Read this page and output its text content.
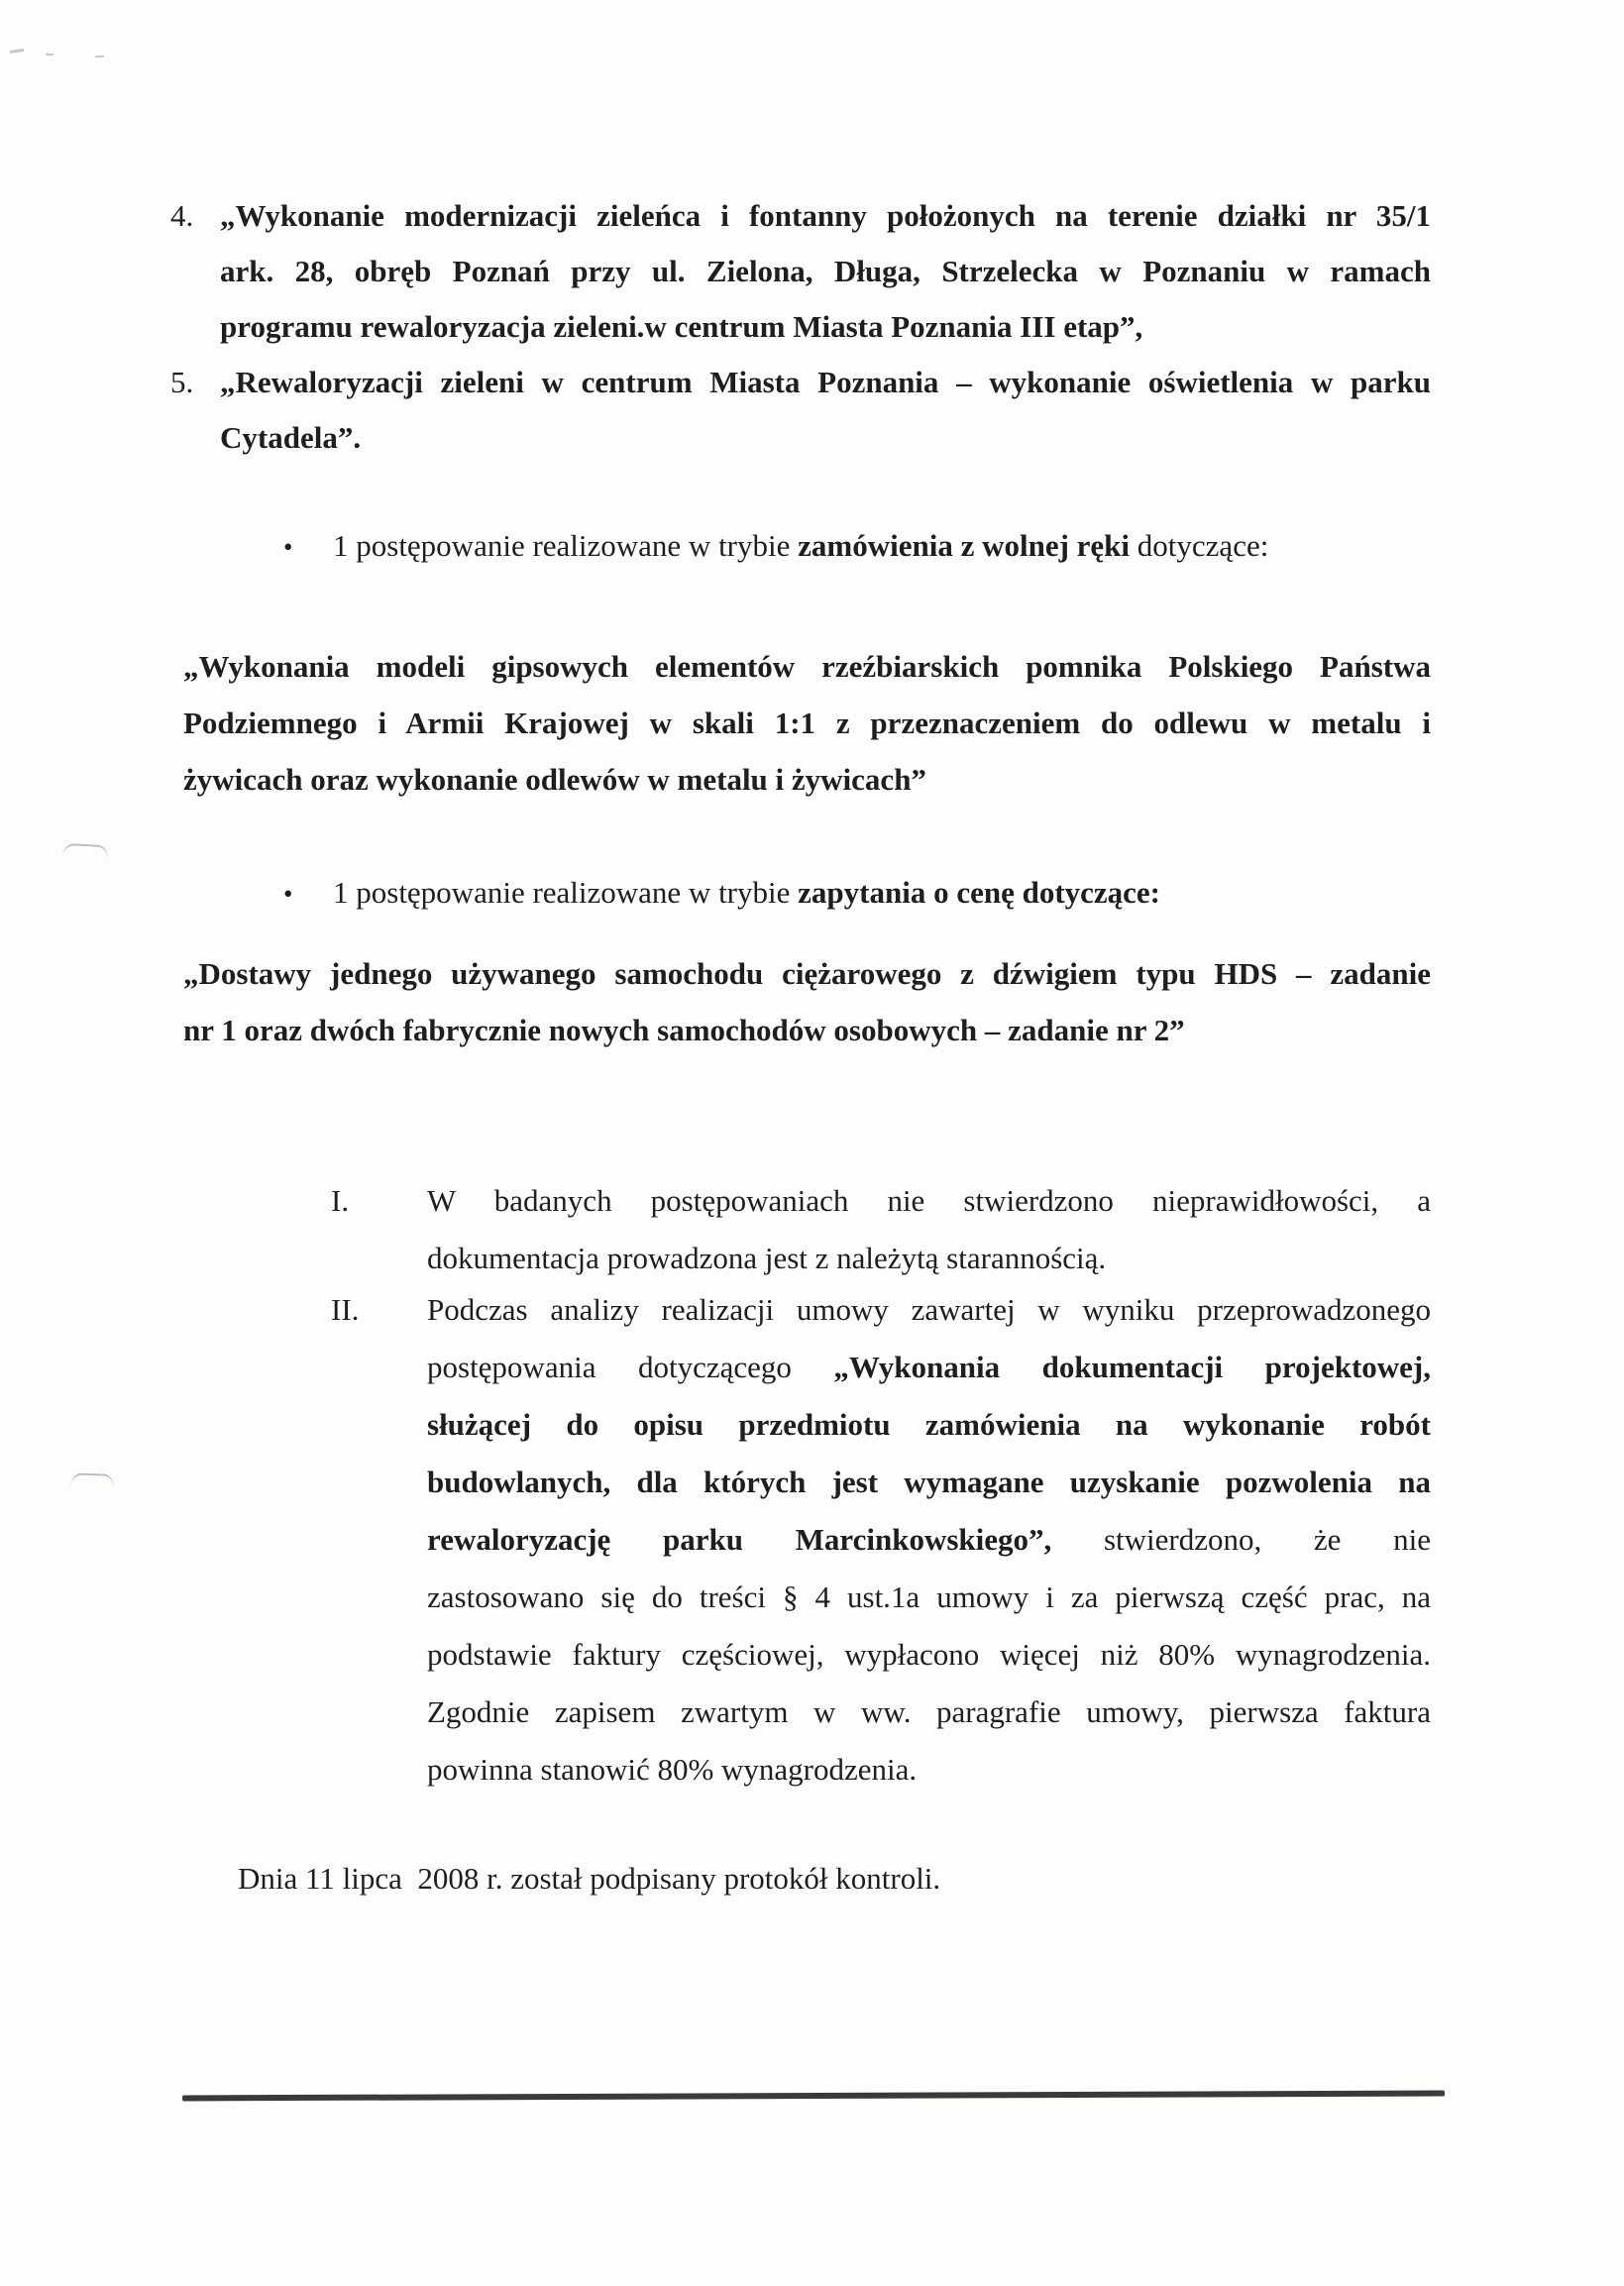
4. „Wykonanie modernizacji zieleńca i fontanny położonych na terenie działki nr 35/1
ark. 28, obręb Poznań przy ul. Zielona, Długa, Strzelecka w Poznaniu w ramach
programu rewaloryzacja zieleni.w centrum Miasta Poznania III etap”,
5. „Rewaloryzacji zieleni w centrum Miasta Poznania – wykonanie oświetlenia w parku
Cytadela”.
• 1 postępowanie realizowane w trybie zamówienia z wolnej ręki dotyczące:
„Wykonania modeli gipsowych elementów rzeźbiarskich pomnika Polskiego Państwa
Podziemnego i Armii Krajowej w skali 1:1 z przeznaczeniem do odlewu w metalu i
żywicach oraz wykonanie odlewów w metalu i żywicach”
• 1 postępowanie realizowane w trybie zapytania o cenę dotyczące:
„Dostawy jednego używanego samochodu ciężarowego z dźwigiem typu HDS – zadanie
nr 1 oraz dwóch fabrycznie nowych samochodów osobowych – zadanie nr 2”
I.	W badanych postępowaniach nie stwierdzono nieprawidłowości, a
dokumentacja prowadzona jest z należytą starannością.
II. Podczas analizy realizacji umowy zawartej w wyniku przeprowadzonego
postępowania dotyczącego „Wykonania dokumentacji projektowej,
służącej do opisu przedmiotu zamówienia na wykonanie robót
budowlanych, dla których jest wymagane uzyskanie pozwolenia na
rewaloryzację parku Marcinkowskiego”, stwierdzono, że nie
zastosowano się do treści § 4 ust.1a umowy i za pierwszą część prac, na
podstawie faktury częściowej, wypłacono więcej niż 80% wynagrodzenia.
Zgodnie zapisem zwartym w ww. paragrafie umowy, pierwsza faktura
powinna stanowić 80% wynagrodzenia.
Dnia 11 lipca  2008 r. został podpisany protokół kontroli.
